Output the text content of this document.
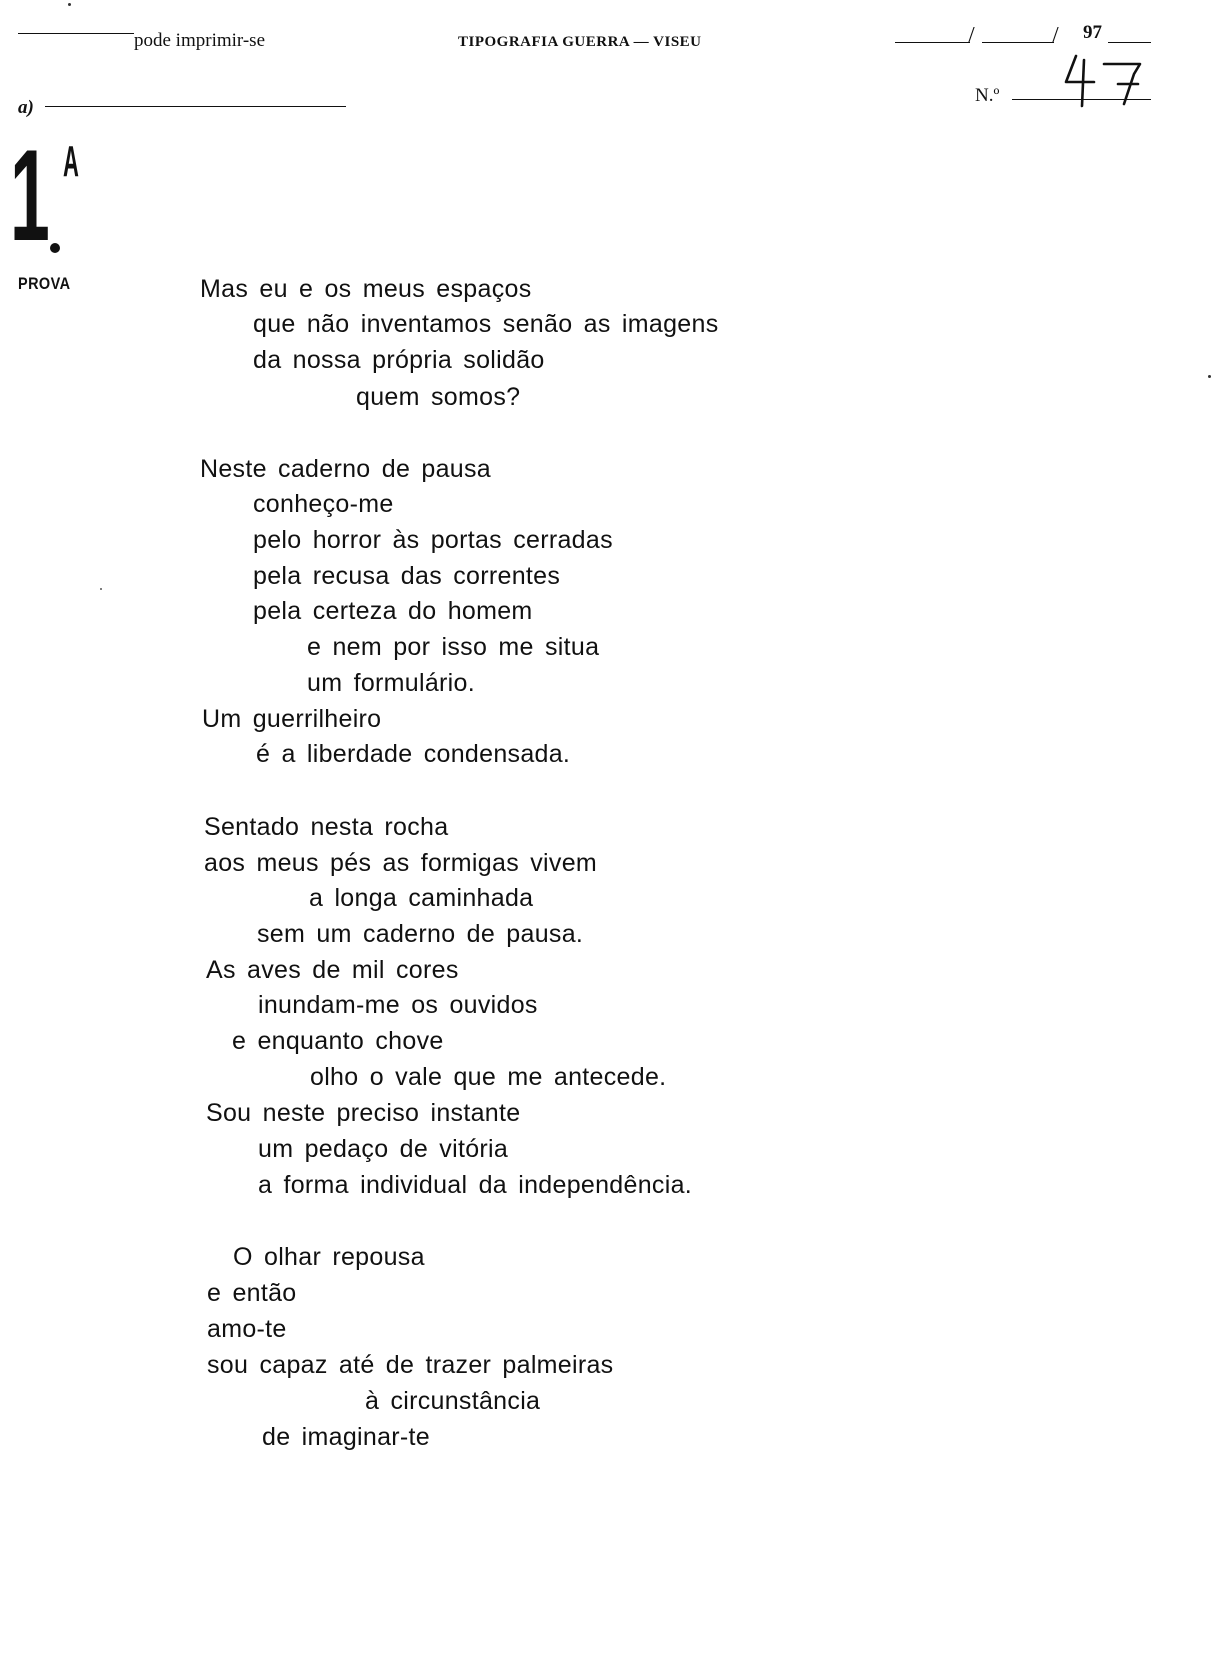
pode imprimir-se	TIPOGRAFIA GUERRA — VISEU	/	/ 97
a)
N.º
1 A
PROVA	Mas eu e os meus espaços
que não inventamos senão as imagens
da nossa própria solidão
quem somos?
Neste caderno de pausa
conheço-me
pelo horror às portas cerradas
pela recusa das correntes
pela certeza do homem
e nem por isso me situa
um formulário.
Um guerrilheiro
é a liberdade condensada.
Sentado nesta rocha
aos meus pés as formigas vivem
a longa caminhada
sem um caderno de pausa.
As aves de mil cores
inundam-me os ouvidos
e enquanto chove
olho o vale que me antecede.
Sou neste preciso instante
um pedaço de vitória
a forma individual da independência.
O olhar repousa
e então
amo-te
sou capaz até de trazer palmeiras
à circunstância
de imaginar-te
